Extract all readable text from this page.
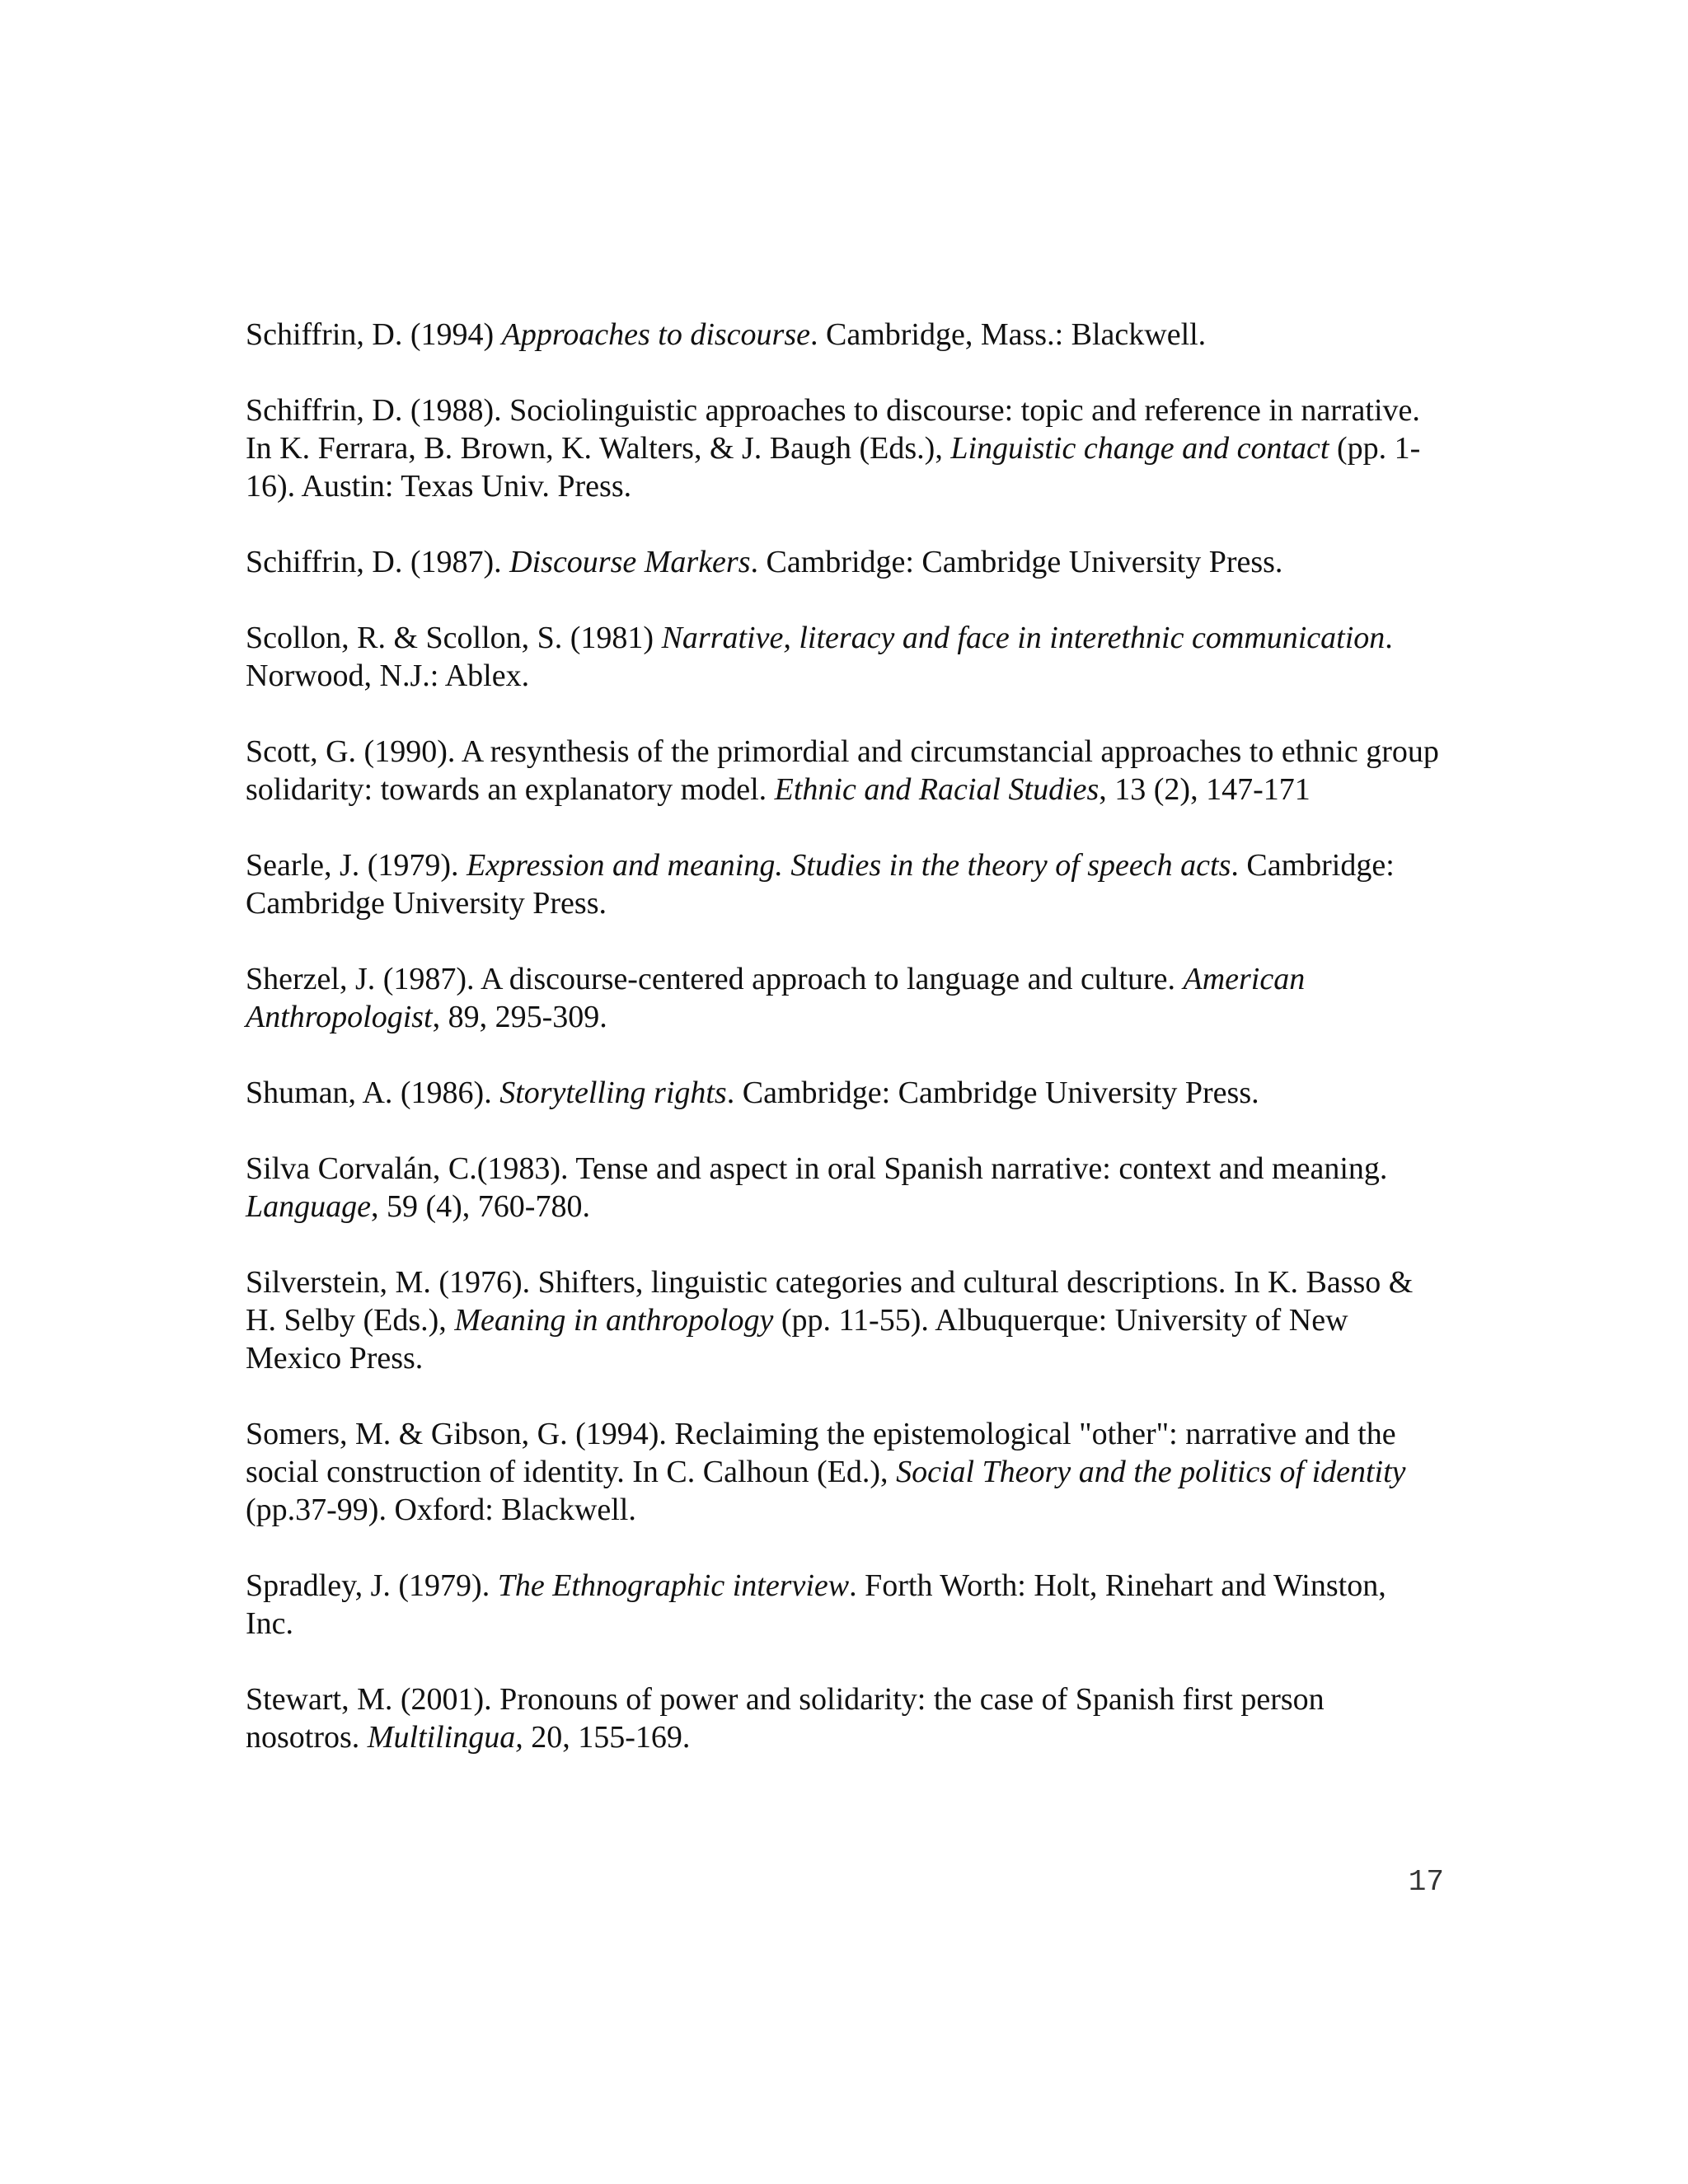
Schiffrin, D. (1994) Approaches to discourse. Cambridge, Mass.: Blackwell.

Schiffrin, D. (1988). Sociolinguistic approaches to discourse: topic and reference in narrative. In K. Ferrara, B. Brown, K. Walters, & J. Baugh (Eds.), Linguistic change and contact (pp. 1-16). Austin: Texas Univ. Press.

Schiffrin, D. (1987). Discourse Markers. Cambridge: Cambridge University Press.

Scollon, R. & Scollon, S. (1981) Narrative, literacy and face in interethnic communication. Norwood, N.J.: Ablex.

Scott, G. (1990). A resynthesis of the primordial and circumstancial approaches to ethnic group solidarity: towards an explanatory model. Ethnic and Racial Studies, 13 (2), 147-171

Searle, J. (1979). Expression and meaning. Studies in the theory of speech acts. Cambridge: Cambridge University Press.

Sherzel, J. (1987). A discourse-centered approach to language and culture. American Anthropologist, 89, 295-309.

Shuman, A. (1986). Storytelling rights. Cambridge: Cambridge University Press.

Silva Corvalán, C.(1983). Tense and aspect in oral Spanish narrative: context and meaning. Language, 59 (4), 760-780.

Silverstein, M. (1976). Shifters, linguistic categories and cultural descriptions. In K. Basso & H. Selby (Eds.), Meaning in anthropology (pp. 11-55). Albuquerque: University of New Mexico Press.

Somers, M. & Gibson, G. (1994). Reclaiming the epistemological "other": narrative and the social construction of identity. In C. Calhoun (Ed.), Social Theory and the politics of identity (pp.37-99). Oxford: Blackwell.

Spradley, J. (1979). The Ethnographic interview. Forth Worth: Holt, Rinehart and Winston, Inc.

Stewart, M. (2001). Pronouns of power and solidarity: the case of Spanish first person nosotros. Multilingua, 20, 155-169.

17
